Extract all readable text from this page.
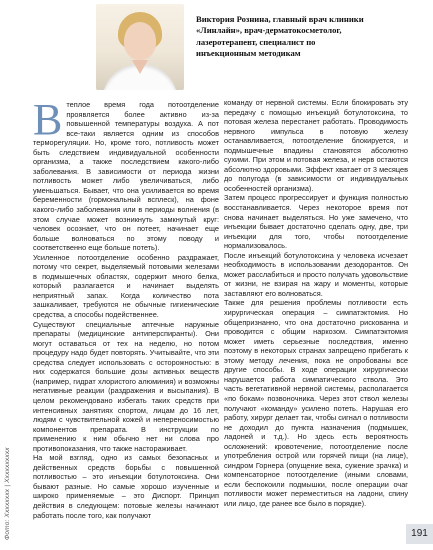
Виктория Рознина, главный врач клиники
«Линлайн», врач-дерматокосметолог,
лазеротерапевт, специалист по
инъекционным методикам
Фото: Xxxxxxxx | Xxxxxxxxxx

Втеплое время года потоотделение проявляется более активно из-за повышенной температуры воздуха. А пот все-таки является одним из способов терморегуляции. Но, кроме того, потливость может быть следствием индивидуальной особенности организма, а также последствием какого-либо заболевания. В зависимости от периода жизни потливость может либо увеличиваться, либо уменьшаться. Бывает, что она усиливается во время беременности (гормональный всплеск), на фоне какого-либо заболевания или в периоды волнения (в этом случае может возникнуть замкнутый круг: человек осознает, что он потеет, начинает еще больше волноваться по этому поводу и соответственно еще больше потеть).

Усиленное потоотделение особенно раздражает, потому что секрет, выделяемый потовыми железами в подмышечных областях, содержит много белка, который разлагается и начинает выделять неприятный запах. Когда количество пота зашкаливает, требуются не обычные гигиенические средства, а способы подейственнее.

Существуют специальные аптечные наружные препараты (медицинские антиперспиранты). Они могут оставаться от тех на неделю, но потом процедуру надо будет повторять. Учитывайте, что эти средства следует использовать с осторожностью: в них содержатся большие дозы активных веществ (например, гидрат хлористого алюминия) и возможны негативные реакции (раздражения и высыпания). В целом рекомендовано избегать таких средств при интенсивных занятиях спортом, лицам до 16 лет, людям с чувствительной кожей и непереносимостью компонентов препарата. В инструкции по применению к ним обычно нет ни слова про противопоказания, что также настораживает.

На мой взгляд, одно из самых безопасных и действенных средств борьбы с повышенной потливостью – это инъекции ботулотоксина. Они бывают разные. Но самые хорошо изученные и широко применяемые – это Диспорт. Принцип действия в следующем: потовые железы начинают работать после того, как получают

команду от нервной системы. Если блокировать эту передачу с помощью инъекций ботулотоксина, то потовая железа перестанет работать. Проводимость нервного импульса в потовую железу останавливается, потоотделение блокируется, и подмышечные впадины становятся абсолютно сухими. При этом и потовая железа, и нерв остаются абсолютно здоровыми. Эффект хватает от 3 месяцев до полугода (в зависимости от индивидуальных особенностей организма).

Затем процесс прогрессирует и функция полностью восстанавливается. Через некоторое время пот снова начинает выделяться. Но уже замечено, что инъекции бывает достаточно сделать одну, две, три инъекции для того, чтобы потоотделение нормализовалось.

После инъекций ботулотоксина у человека исчезает необходимость в использовании дезодорантов. Он может расслабиться и просто получать удовольствие от жизни, не взирая на жару и моменты, которые заставляют его волноваться.

Также для решения проблемы потливости есть хирургическая операция – симпатэктомия. Но общепризнанно, что она достаточно рискованна и проводится с общим наркозом. Симпатэктомия может иметь серьезные последствия, именно поэтому в некоторых странах запрещено прибегать к этому методу лечения, пока не опробованы все другие способы. В ходе операции хирургически нарушается работа симпатического ствола. Это часть вегетативной нервной системы, располагается «по бокам» позвоночника. Через этот ствол железы получают «команду» усилено потеть. Нарушая его работу, хирург делает так, чтобы сигнал о потливости не доходил до пункта назначения (подмышек, ладоней и т.д.). Но здесь есть вероятность осложнений: кровотечение, потоотделение после употребления острой или горячей пищи (на лице), синдром Горнера (опущение века, сужение зрачка) и компенсаторное потоотделение (иными словами, если беспокоили подмышки, после операции очаг потливости может переместиться на ладони, спину или лицо, где ранее все было в порядке).

191
